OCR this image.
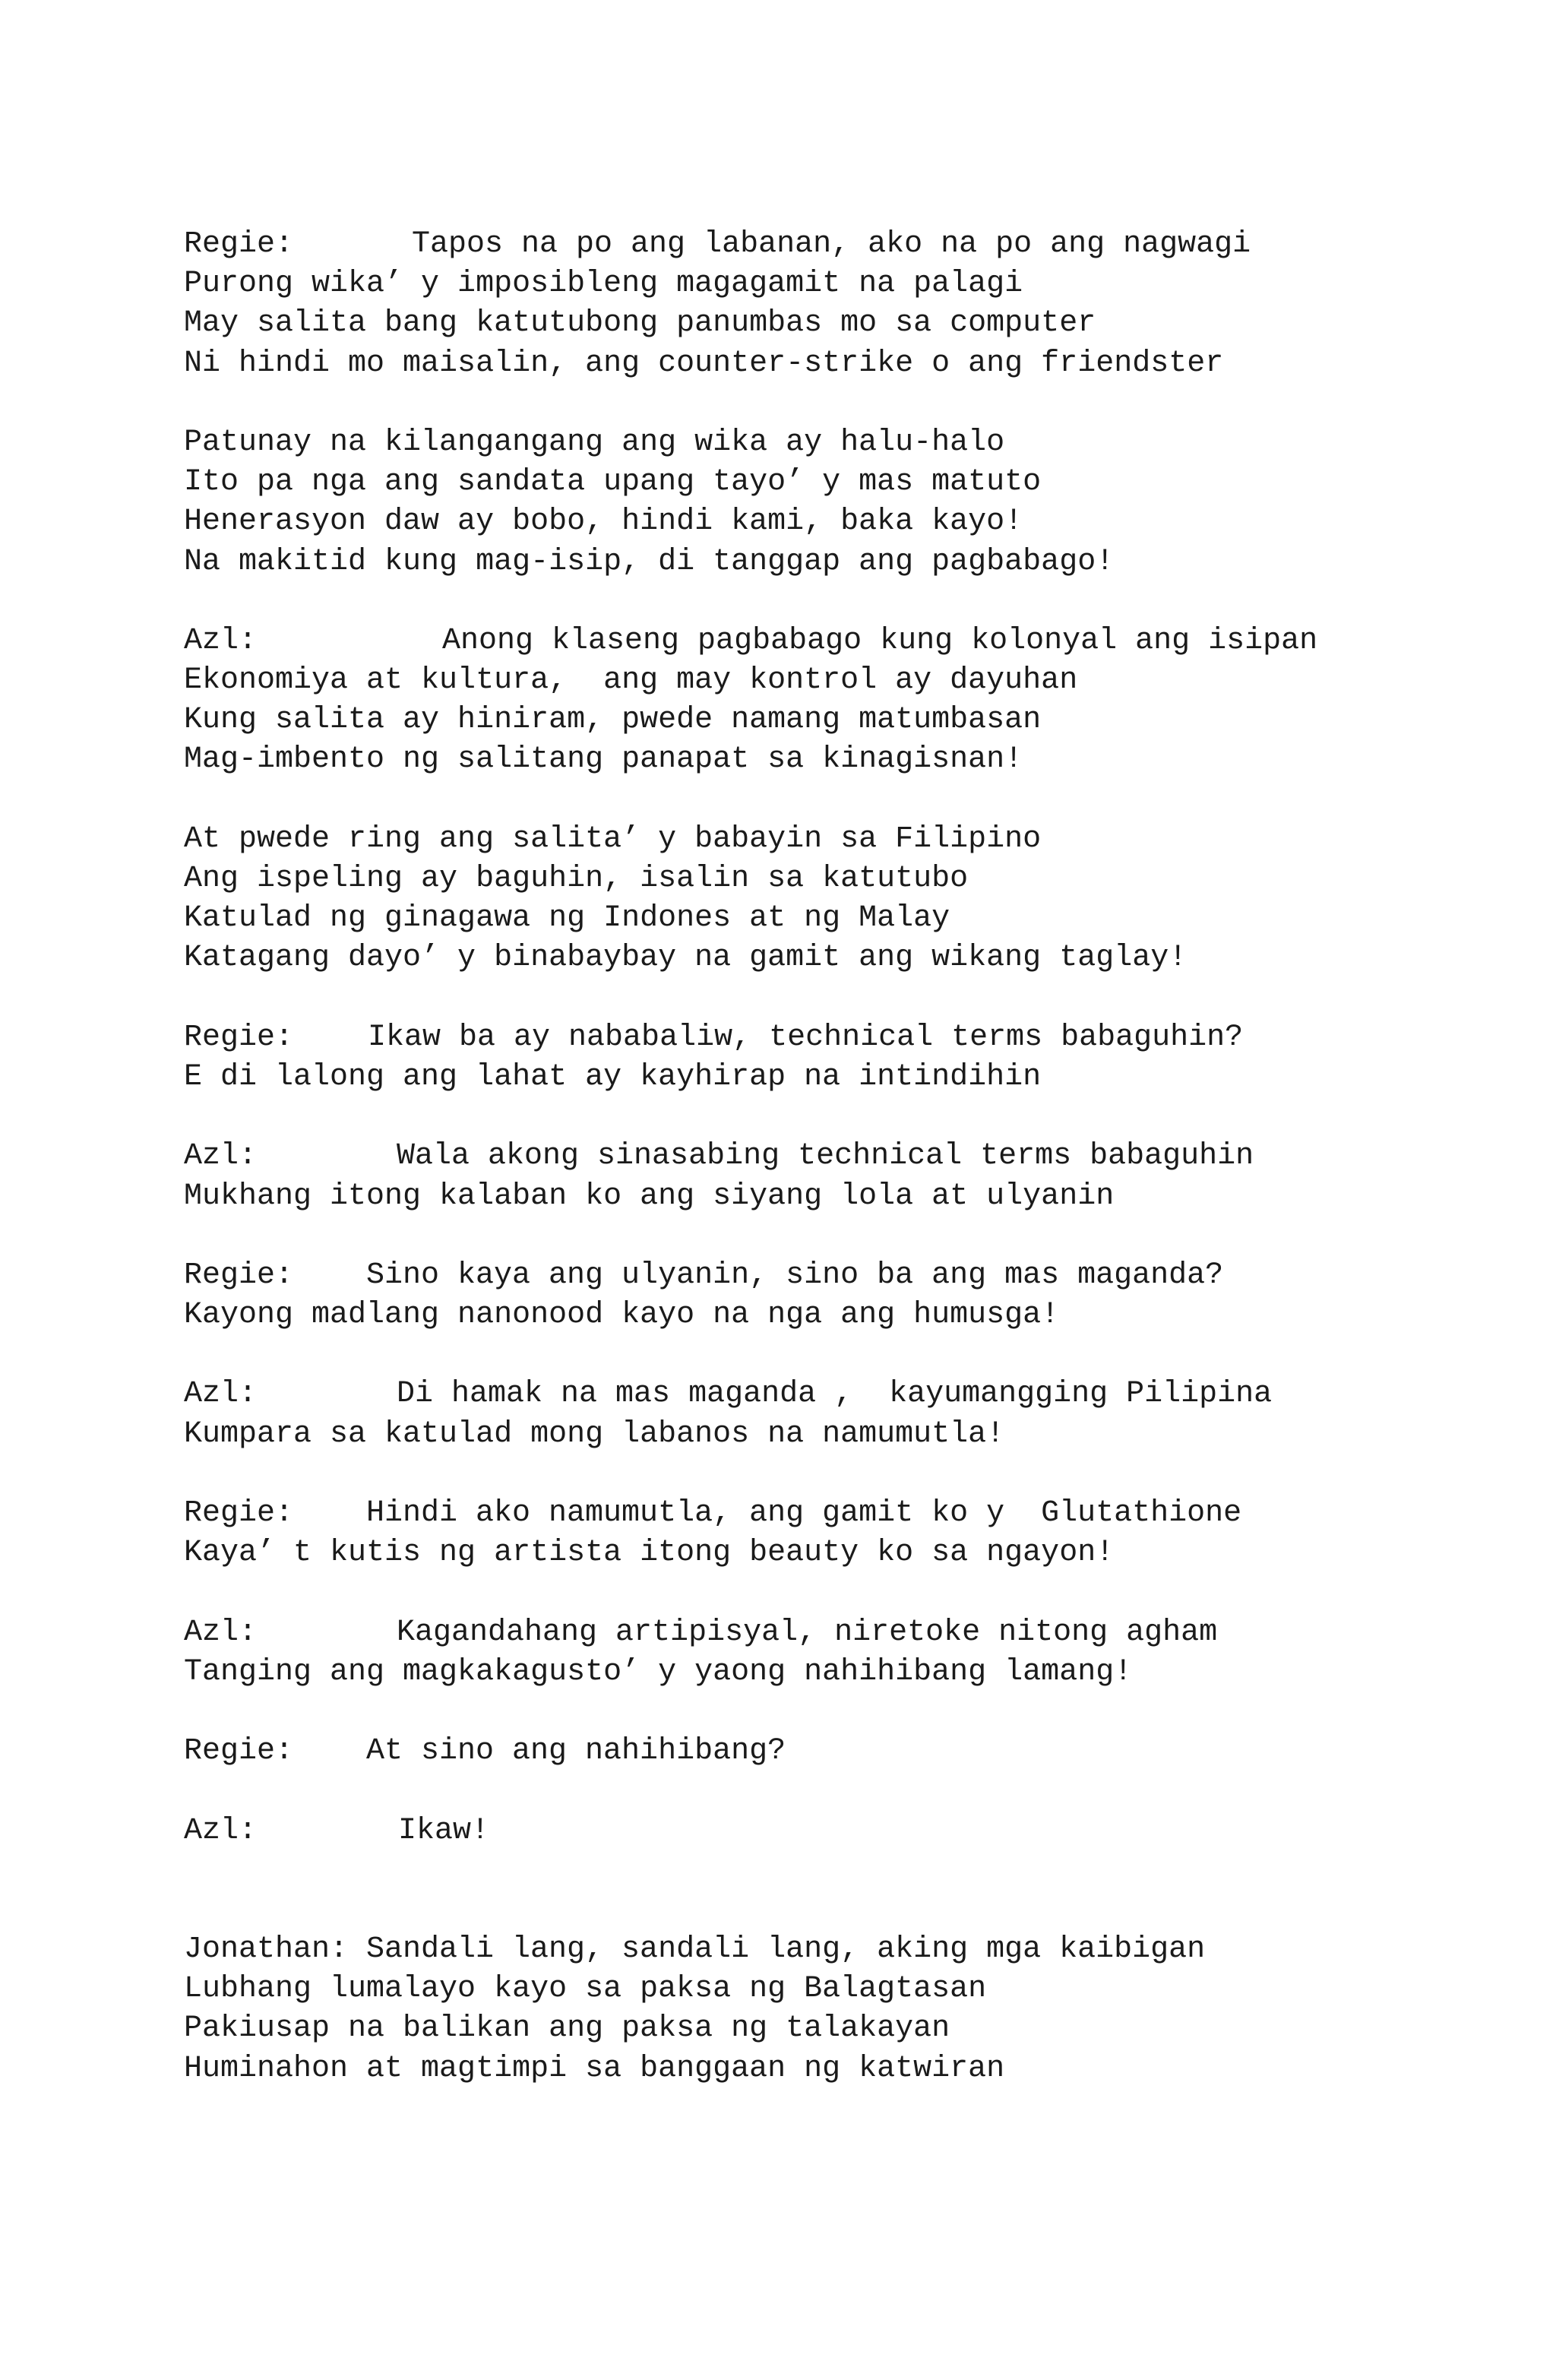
Regie:	Tapos na po ang labanan, ako na po ang nagwagi
Purong wika’ y imposibleng magagamit na palagi
May salita bang katutubong panumbas mo sa computer
Ni hindi mo maisalin, ang counter-strike o ang friendster
Patunay na kilangangang ang wika ay halu-halo
Ito pa nga ang sandata upang tayo’ y mas matuto
Henerasyon daw ay bobo, hindi kami, baka kayo!
Na makitid kung mag-isip, di tanggap ang pagbabago!
Azl:	Anong klaseng pagbabago kung kolonyal ang isipan
Ekonomiya at kultura,  ang may kontrol ay dayuhan
Kung salita ay hiniram, pwede namang matumbasan
Mag-imbento ng salitang panapat sa kinagisnan!
At pwede ring ang salita’ y babayin sa Filipino
Ang ispeling ay baguhin, isalin sa katutubo
Katulad ng ginagawa ng Indones at ng Malay
Katagang dayo’ y binabaybay na gamit ang wikang taglay!
Regie: Ikaw ba ay nababaliw, technical terms babaguhin?
E di lalong ang lahat ay kayhirap na intindihin
Azl:	Wala akong sinasabing technical terms babaguhin
Mukhang itong kalaban ko ang siyang lola at ulyanin
Regie: Sino kaya ang ulyanin, sino ba ang mas maganda?
Kayong madlang nanonood kayo na nga ang humusga!
Azl:	Di hamak na mas maganda ,  kayumangging Pilipina
Kumpara sa katulad mong labanos na namumutla!
Regie: Hindi ako namumutla, ang gamit ko y  Glutathione
Kaya’ t kutis ng artista itong beauty ko sa ngayon!
Azl:	Kagandahang artipisyal, niretoke nitong agham
Tanging ang magkakagusto’ y yaong nahihibang lamang!
Regie: At sino ang nahihibang?
Azl:	Ikaw!
Jonathan: Sandali lang, sandali lang, aking mga kaibigan
Lubhang lumalayo kayo sa paksa ng Balagtasan
Pakiusap na balikan ang paksa ng talakayan
Huminahon at magtimpi sa banggaan ng katwiran
